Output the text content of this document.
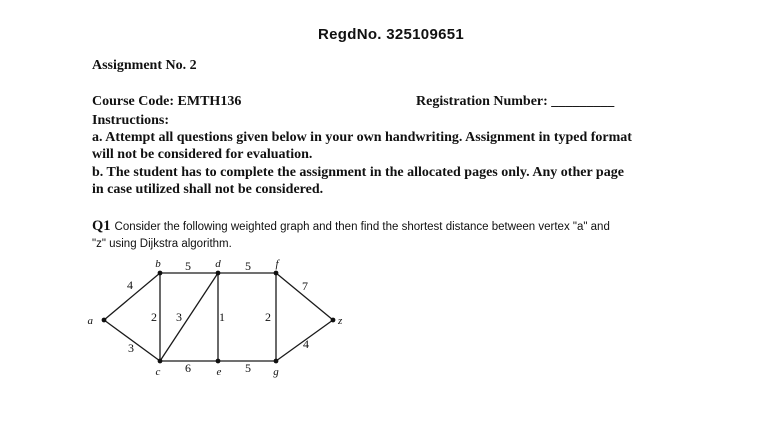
RegdNo. 325109651
Assignment No. 2
Course Code: EMTH136	Registration Number: _________
Instructions:
a. Attempt all questions given below in your own handwriting. Assignment in typed format
will not be considered for evaluation.
b. The student has to complete the assignment in the allocated pages only. Any other page
in case utilized shall not be considered.
Q1 Consider the following weighted graph and then find the shortest distance between vertex "a" and
"z" using Dijkstra algorithm.
a
b	d	f
z
c	e	g
4
3
5	5
2 3	1	2
7
6	5
4
